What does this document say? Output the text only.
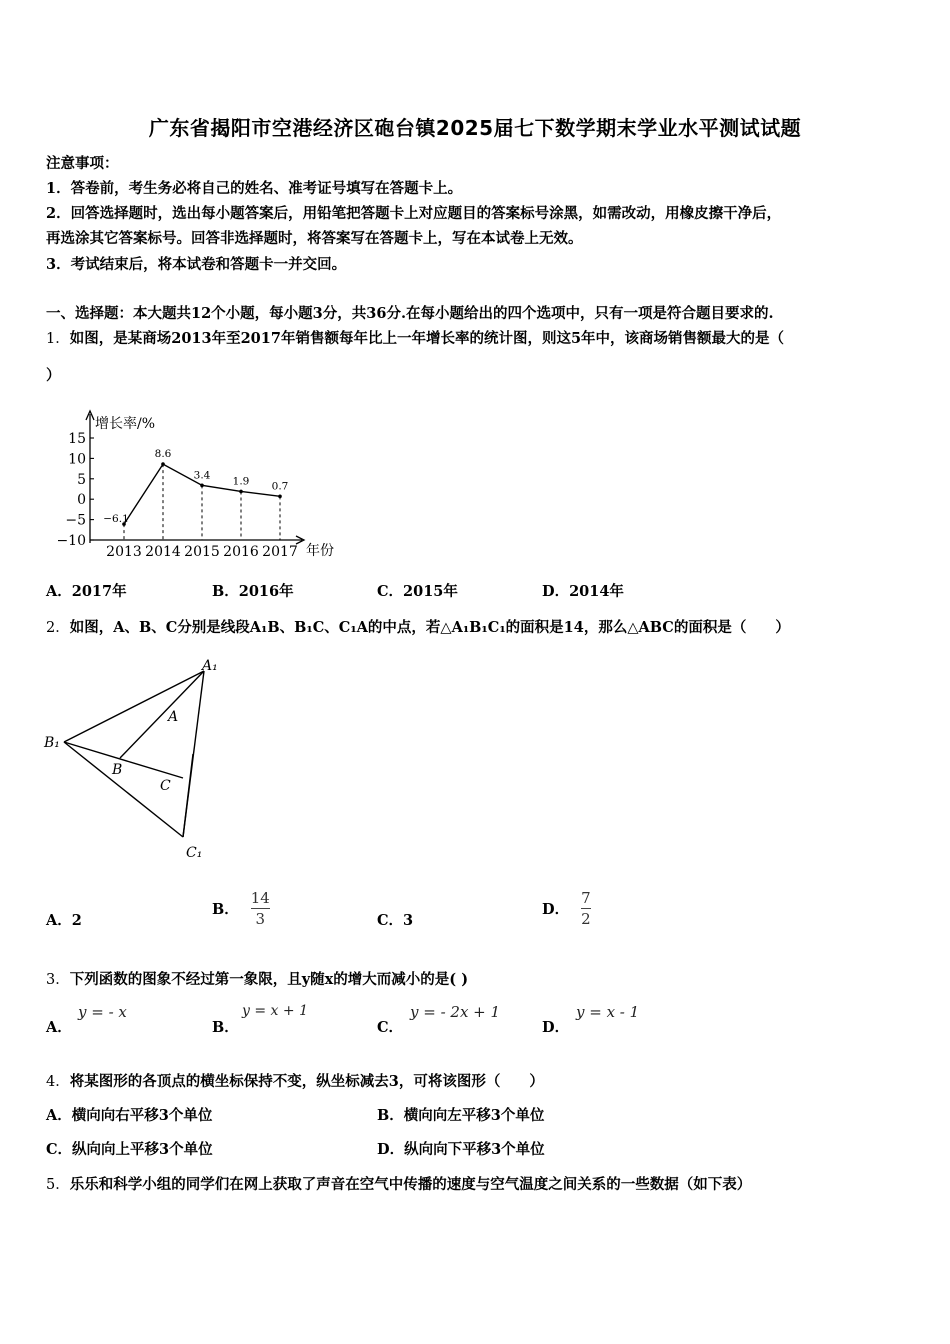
广东省揭阳市空港经济区砲台镇2025届七下数学期末学业水平测试试题
注意事项：
1．答卷前，考生务必将自己的姓名、准考证号填写在答题卡上。
2．回答选择题时，选出每小题答案后，用铅笔把答题卡上对应题目的答案标号涂黑，如需改动，用橡皮擦干净后，
再选涂其它答案标号。回答非选择题时，将答案写在答题卡上，写在本试卷上无效。
3．考试结束后，将本试卷和答题卡一并交回。
一、选择题：本大题共12个小题，每小题3分，共36分.在每小题给出的四个选项中，只有一项是符合题目要求的.
1．如图，是某商场2013年至2017年销售额每年比上一年增长率的统计图，则这5年中，该商场销售额最大的是（
）
增长率/%
年份
15
10
5
0
−5
−10
2013 2014 2015 2016 2017
−6.1
8.6
3.4
1.9 0.7
A．2017年	B．2016年	C．2015年	D．2014年
2．如图，A、B、C分别是线段A₁B、B₁C、C₁A的中点，若△A₁B₁C₁的面积是14，那么△ABC的面积是（　　）
A₁
B₁
C₁
A
B
C
A．2
B． $\frac{14}{3}$	C．3
D． $\frac{7}{2}$
3．下列函数的图象不经过第一象限，且y随x的增大而减小的是( )
A．
y = - x
B．
y = x + 1
C．
y = - 2x + 1
D．
y = x - 1
4．将某图形的各顶点的横坐标保持不变，纵坐标减去3，可将该图形（　　）
A．横向向右平移3个单位	B．横向向左平移3个单位
C．纵向向上平移3个单位	D．纵向向下平移3个单位
5．乐乐和科学小组的同学们在网上获取了声音在空气中传播的速度与空气温度之间关系的一些数据（如下表）
